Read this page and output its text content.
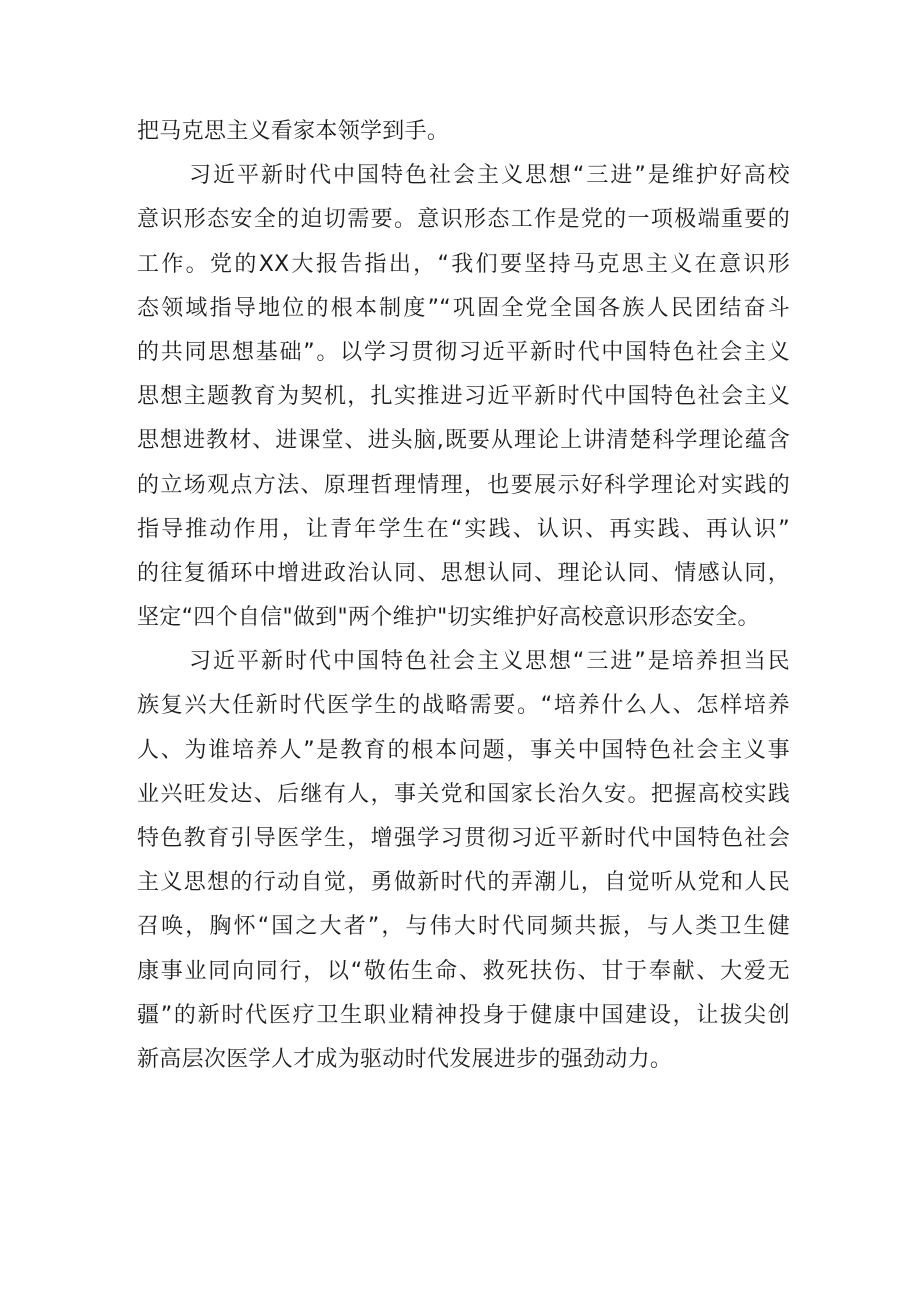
把马克思主义看家本领学到手。
习近平新时代中国特色社会主义思想“三进”是维护好高校
意识形态安全的迫切需要。意识形态工作是党的一项极端重要的
工作。党的XX大报告指出，“我们要坚持马克思主义在意识形
态领域指导地位的根本制度”“巩固全党全国各族人民团结奋斗
的共同思想基础”。以学习贯彻习近平新时代中国特色社会主义
思想主题教育为契机，扎实推进习近平新时代中国特色社会主义
思想进教材、进课堂、进头脑,既要从理论上讲清楚科学理论蕴含
的立场观点方法、原理哲理情理，也要展示好科学理论对实践的
指导推动作用，让青年学生在“实践、认识、再实践、再认识”
的往复循环中增进政治认同、思想认同、理论认同、情感认同，
坚定“四个自信"做到"两个维护"切实维护好高校意识形态安全。
习近平新时代中国特色社会主义思想“三进”是培养担当民
族复兴大任新时代医学生的战略需要。“培养什么人、怎样培养
人、为谁培养人”是教育的根本问题，事关中国特色社会主义事
业兴旺发达、后继有人，事关党和国家长治久安。把握高校实践
特色教育引导医学生，增强学习贯彻习近平新时代中国特色社会
主义思想的行动自觉，勇做新时代的弄潮儿，自觉听从党和人民
召唤，胸怀“国之大者”，与伟大时代同频共振，与人类卫生健
康事业同向同行，以“敬佑生命、救死扶伤、甘于奉献、大爱无
疆”的新时代医疗卫生职业精神投身于健康中国建设，让拔尖创
新高层次医学人才成为驱动时代发展进步的强劲动力。
